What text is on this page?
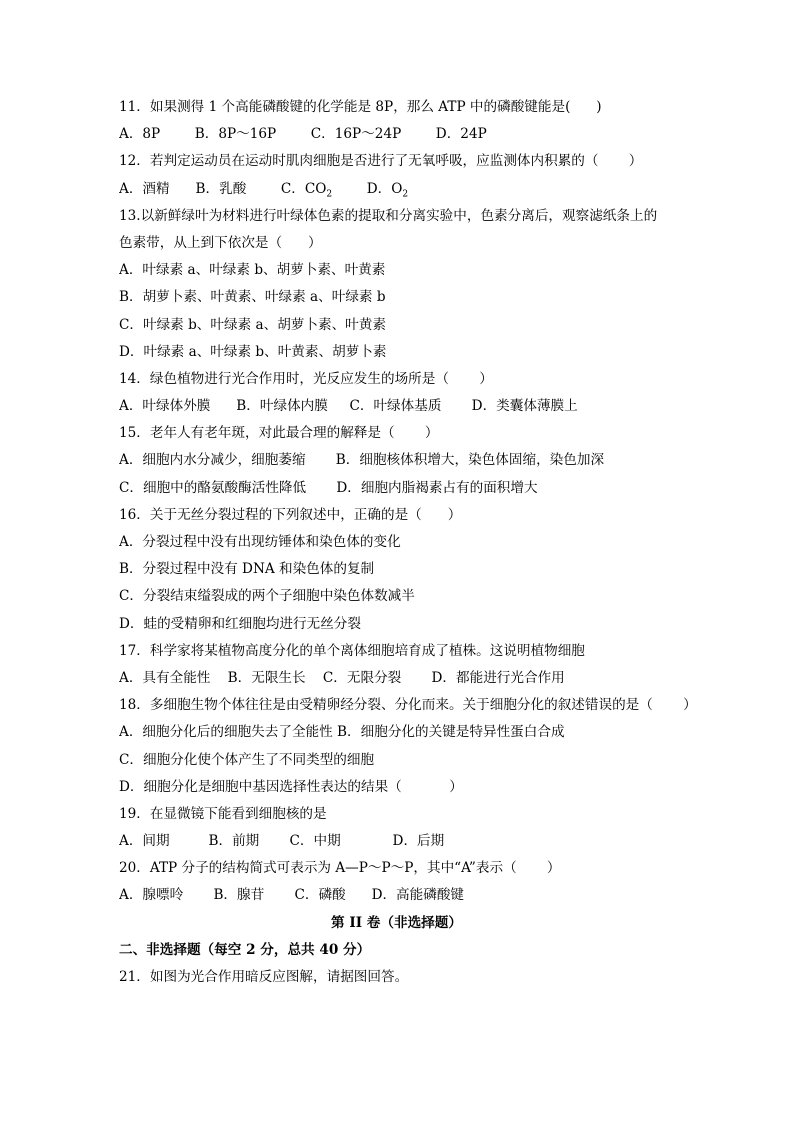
11．如果测得 1 个高能磷酸键的化学能是 8P，那么 ATP 中的磷酸键能是(      )
A．8P        B．8P～16P        C．16P～24P        D．24P
12．若判定运动员在运动时肌肉细胞是否进行了无氧呼吸，应监测体内积累的（       ）
A．酒精      B．乳酸        C．$CO_2$        D．$O_2$
13.以新鲜绿叶为材料进行叶绿体色素的提取和分离实验中，色素分离后，观察滤纸条上的
色素带，从上到下依次是（      ）
A．叶绿素 a、叶绿素 b、胡萝卜素、叶黄素
B．胡萝卜素、叶黄素、叶绿素 a、叶绿素 b
C．叶绿素 b、叶绿素 a、胡萝卜素、叶黄素
D．叶绿素 a、叶绿素 b、叶黄素、胡萝卜素
14．绿色植物进行光合作用时，光反应发生的场所是（       ）
A．叶绿体外膜      B．叶绿体内膜     C．叶绿体基质       D．类囊体薄膜上
15．老年人有老年斑，对此最合理的解释是（       ）
A．细胞内水分减少，细胞萎缩       B．细胞核体积增大，染色体固缩，染色加深
C．细胞中的酪氨酸酶活性降低       D．细胞内脂褐素占有的面积增大
16．关于无丝分裂过程的下列叙述中，正确的是（      ）
A．分裂过程中没有出现纺锤体和染色体的变化
B．分裂过程中没有 DNA 和染色体的复制
C．分裂结束缢裂成的两个子细胞中染色体数减半
D．蛙的受精卵和红细胞均进行无丝分裂
17．科学家将某植物高度分化的单个离体细胞培育成了植株。这说明植物细胞
A．具有全能性    B．无限生长    C．无限分裂       D．都能进行光合作用
18．多细胞生物个体往往是由受精卵经分裂、分化而来。关于细胞分化的叙述错误的是（       ）
A．细胞分化后的细胞失去了全能性 B．细胞分化的关键是特异性蛋白合成
C．细胞分化使个体产生了不同类型的细胞
D．细胞分化是细胞中基因选择性表达的结果（           ）
19．在显微镜下能看到细胞核的是
A．间期         B．前期       C．中期            D．后期
20．ATP 分子的结构简式可表示为 A—P～P～P，其中“A”表示（       ）
A．腺嘌呤       B．腺苷       C．磷酸      D．高能磷酸键
第 II 卷（非选择题）
二、非选择题（每空 2 分，总共 40 分）
21．如图为光合作用暗反应图解，请据图回答。
